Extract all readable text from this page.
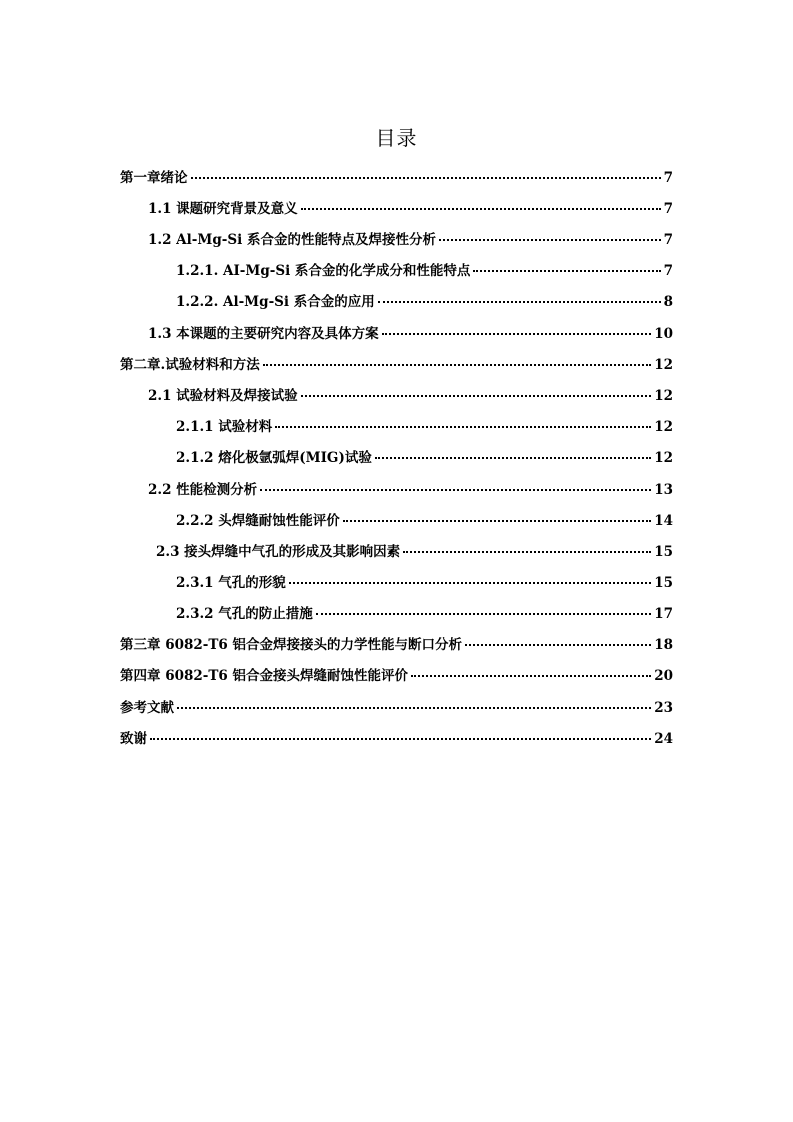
目录
第一章绪论	7
1.1 课题研究背景及意义	7
1.2 Al-Mg-Si 系合金的性能特点及焊接性分析	7
1.2.1. AI-Mg-Si 系合金的化学成分和性能特点	7
1.2.2. Al-Mg-Si 系合金的应用	8
1.3 本课题的主要研究内容及具体方案	10
第二章.试验材料和方法	12
2.1 试验材料及焊接试验	12
2.1.1 试验材料	12
2.1.2 熔化极氩弧焊(MIG)试验	12
2.2 性能检测分析	13
2.2.2 头焊缝耐蚀性能评价	14
2.3 接头焊缝中气孔的形成及其影响因素	15
2.3.1 气孔的形貌	15
2.3.2 气孔的防止措施	17
第三章 6082-T6 铝合金焊接接头的力学性能与断口分析	18
第四章 6082-T6 铝合金接头焊缝耐蚀性能评价	20
参考文献	23
致谢	24
